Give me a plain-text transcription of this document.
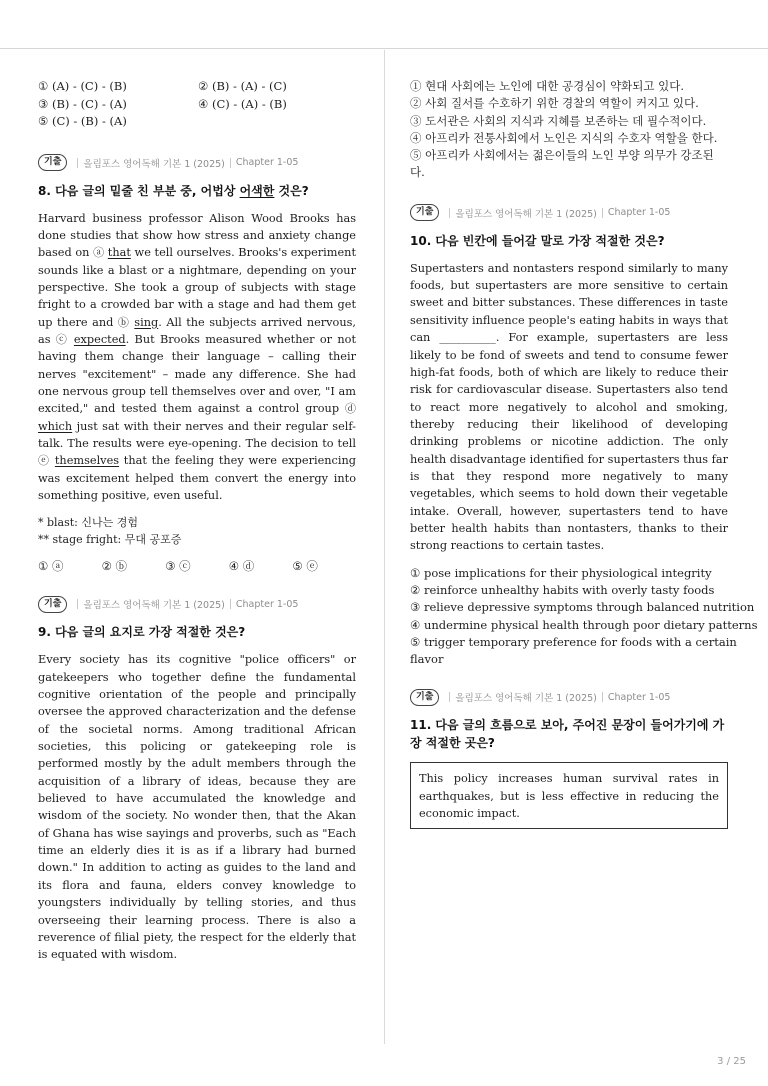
① (A) - (C) - (B)	② (B) - (A) - (C)
③ (B) - (C) - (A)	④ (C) - (A) - (B)
⑤ (C) - (B) - (A)
기출	올림포스 영어독해 기본 1 (2025) Chapter 1-05
8. 다음 글의 밑줄 친 부분 중, 어법상 어색한 것은?

Harvard business professor Alison Wood Brooks has done studies that show how stress and anxiety change based on ⓐ that we tell ourselves. Brooks's experiment sounds like a blast or a nightmare, depending on your perspective. She took a group of subjects with stage fright to a crowded bar with a stage and had them get up there and ⓑ sing. All the subjects arrived nervous, as ⓒ expected. But Brooks measured whether or not having them change their language – calling their nerves "excitement" – made any difference. She had one nervous group tell themselves over and over, "I am excited," and tested them against a control group ⓓ which just sat with their nerves and their regular self-talk. The results were eye-opening. The decision to tell ⓔ themselves that the feeling they were experiencing was excitement helped them convert the energy into something positive, even useful.

* blast: 신나는 경험
** stage fright: 무대 공포증
① ⓐ	② ⓑ	③ ⓒ	④ ⓓ	⑤ ⓔ
기출	올림포스 영어독해 기본 1 (2025) Chapter 1-05
9. 다음 글의 요지로 가장 적절한 것은?

Every society has its cognitive "police officers" or gatekeepers who together define the fundamental cognitive orientation of the people and principally oversee the approved characterization and the defense of the societal norms. Among traditional African societies, this policing or gatekeeping role is performed mostly by the adult members through the acquisition of a library of ideas, because they are believed to have accumulated the knowledge and wisdom of the society. No wonder then, that the Akan of Ghana has wise sayings and proverbs, such as "Each time an elderly dies it is as if a library had burned down." In addition to acting as guides to the land and its flora and fauna, elders convey knowledge to youngsters individually by telling stories, and thus overseeing their learning process. There is also a reverence of filial piety, the respect for the elderly that is equated with wisdom.

① 현대 사회에는 노인에 대한 공경심이 약화되고 있다.
② 사회 질서를 수호하기 위한 경찰의 역할이 커지고 있다.
③ 도서관은 사회의 지식과 지혜를 보존하는 데 필수적이다.
④ 아프리카 전통사회에서 노인은 지식의 수호자 역할을 한다.
⑤ 아프리카 사회에서는 젊은이들의 노인 부양 의무가 강조된
다.
기출	올림포스 영어독해 기본 1 (2025) Chapter 1-05
10. 다음 빈칸에 들어갈 말로 가장 적절한 것은?

Supertasters and nontasters respond similarly to many foods, but supertasters are more sensitive to certain sweet and bitter substances. These differences in taste sensitivity influence people's eating habits in ways that can __________. For example, supertasters are less likely to be fond of sweets and tend to consume fewer high-fat foods, both of which are likely to reduce their risk for cardiovascular disease. Supertasters also tend to react more negatively to alcohol and smoking, thereby reducing their likelihood of developing drinking problems or nicotine addiction. The only health disadvantage identified for supertasters thus far is that they respond more negatively to many vegetables, which seems to hold down their vegetable intake. Overall, however, supertasters tend to have better health habits than nontasters, thanks to their strong reactions to certain tastes.

① pose implications for their physiological integrity
② reinforce unhealthy habits with overly tasty foods
③ relieve depressive symptoms through balanced nutrition
④ undermine physical health through poor dietary patterns
⑤ trigger temporary preference for foods with a certain
flavor
기출	올림포스 영어독해 기본 1 (2025) Chapter 1-05
11. 다음 글의 흐름으로 보아, 주어진 문장이 들어가기에 가장 적절한 곳은?
This policy increases human survival rates in earthquakes, but is less effective in reducing the economic impact.
3 / 25
